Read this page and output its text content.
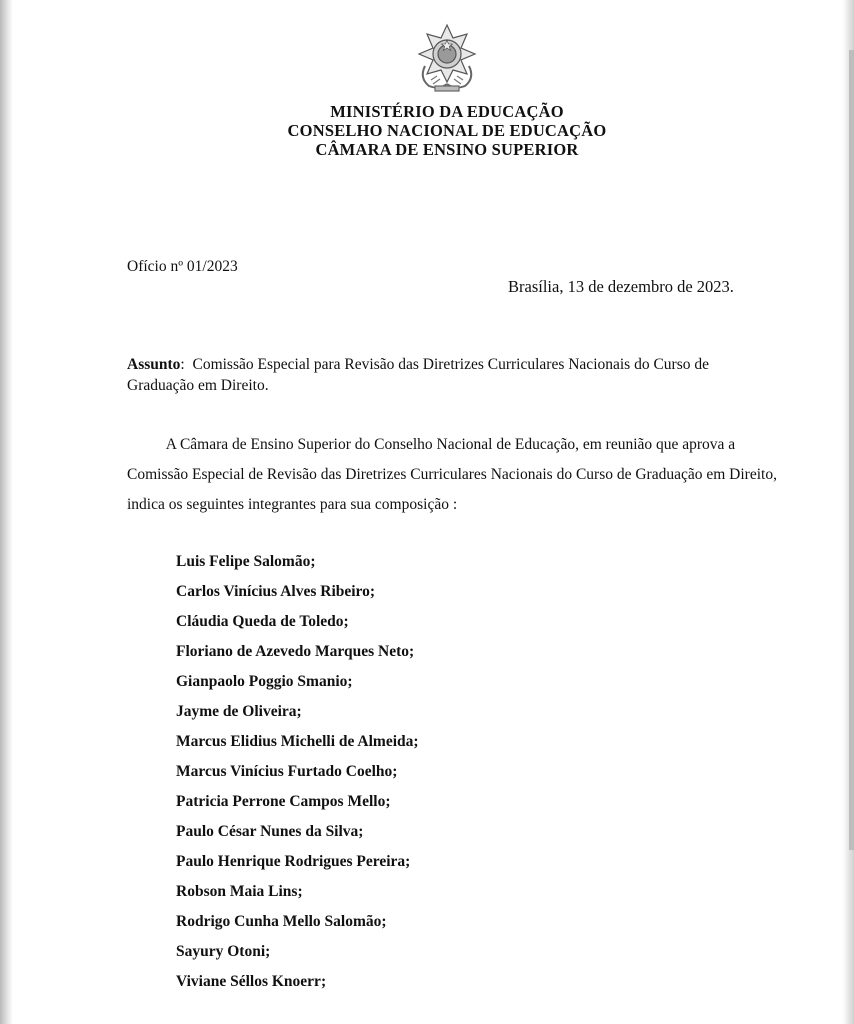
MINISTÉRIO DA EDUCAÇÃO
CONSELHO NACIONAL DE EDUCAÇÃO
CÂMARA DE ENSINO SUPERIOR
Ofício nº 01/2023
Brasília, 13 de dezembro de 2023.
Assunto: Comissão Especial para Revisão das Diretrizes Curriculares Nacionais do Curso de Graduação em Direito.
A Câmara de Ensino Superior do Conselho Nacional de Educação, em reunião que aprova a Comissão Especial de Revisão das Diretrizes Curriculares Nacionais do Curso de Graduação em Direito, indica os seguintes integrantes para sua composição :
Luis Felipe Salomão;
Carlos Vinícius Alves Ribeiro;
Cláudia Queda de Toledo;
Floriano de Azevedo Marques Neto;
Gianpaolo Poggio Smanio;
Jayme de Oliveira;
Marcus Elidius Michelli de Almeida;
Marcus Vinícius Furtado Coelho;
Patricia Perrone Campos Mello;
Paulo César Nunes da Silva;
Paulo Henrique Rodrigues Pereira;
Robson Maia Lins;
Rodrigo Cunha Mello Salomão;
Sayury Otoni;
Viviane Séllos Knoerr;
